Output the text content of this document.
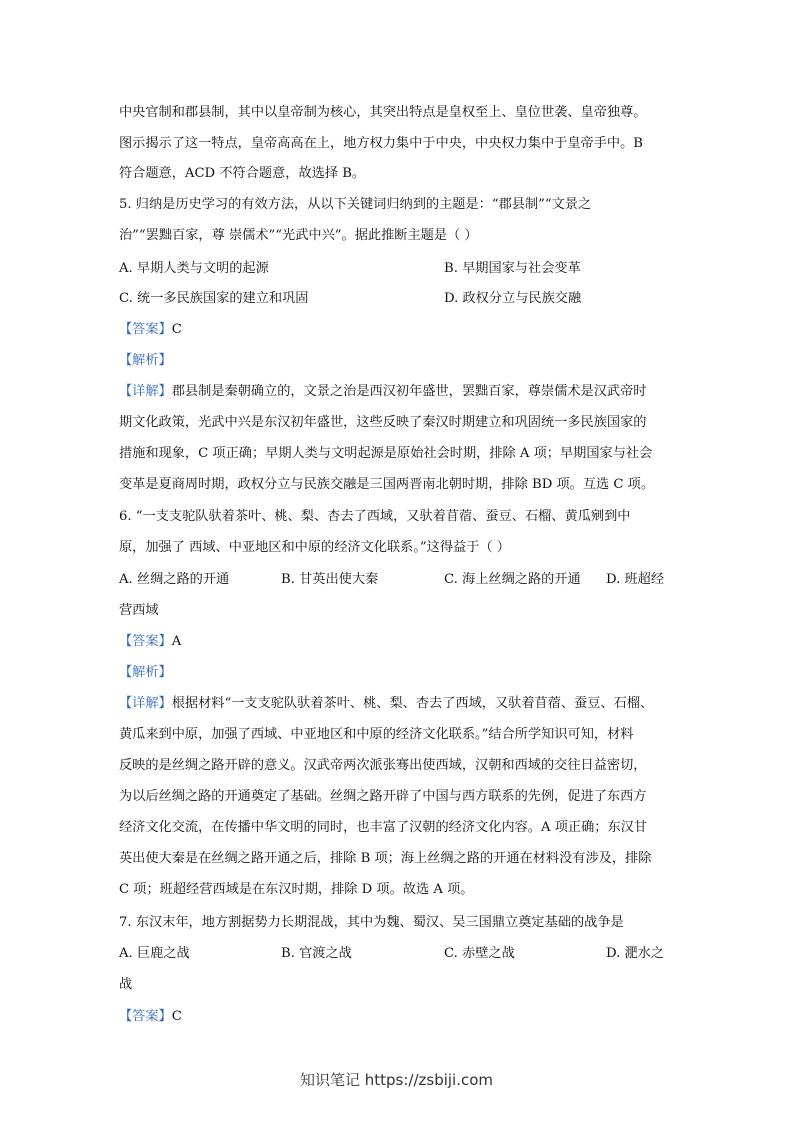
中央官制和郡县制，其中以皇帝制为核心，其突出特点是皇权至上、皇位世袭、皇帝独尊。
图示揭示了这一特点，皇帝高高在上，地方权力集中于中央，中央权力集中于皇帝手中。B
符合题意，ACD 不符合题意，故选择 B。
5. 归纳是历史学习的有效方法，从以下关键词归纳到的主题是：“郡县制”“文景之
治”“罢黜百家，尊 崇儒术”“光武中兴”。据此推断主题是（ ）
A. 早期人类与文明的起源	B. 早期国家与社会变革
C. 统一多民族国家的建立和巩固	D. 政权分立与民族交融
【答案】C
【解析】
【详解】郡县制是秦朝确立的，文景之治是西汉初年盛世，罢黜百家，尊崇儒术是汉武帝时
期文化政策，光武中兴是东汉初年盛世，这些反映了秦汉时期建立和巩固统一多民族国家的
措施和现象，C 项正确；早期人类与文明起源是原始社会时期，排除 A 项；早期国家与社会
变革是夏商周时期，政权分立与民族交融是三国两晋南北朝时期，排除 BD 项。互选 C 项。
6. “一支支驼队驮着茶叶、桃、梨、杏去了西域，又驮着苜蓿、蚕豆、石榴、黄瓜剜到中
原，加强了 西域、中亚地区和中原的经济文化联系。”这得益于（ ）
A. 丝绸之路的开通	B. 甘英出使大秦	C. 海上丝绸之路的开通 D. 班超经
营西域
【答案】A
【解析】
【详解】根据材料“一支支驼队驮着茶叶、桃、梨、杏去了西域，又驮着苜蓿、蚕豆、石榴、
黄瓜来到中原，加强了西域、中亚地区和中原的经济文化联系。”结合所学知识可知，材料
反映的是丝绸之路开辟的意义。汉武帝两次派张骞出使西域，汉朝和西域的交往日益密切，
为以后丝绸之路的开通奠定了基础。丝绸之路开辟了中国与西方联系的先例，促进了东西方
经济文化交流，在传播中华文明的同时，也丰富了汉朝的经济文化内容。A 项正确；东汉甘
英出使大秦是在丝绸之路开通之后，排除 B 项；海上丝绸之路的开通在材料没有涉及，排除
C 项；班超经营西域是在东汉时期，排除 D 项。故选 A 项。
7. 东汉末年，地方割据势力长期混战，其中为魏、蜀汉、吴三国鼎立奠定基础的战争是
A. 巨鹿之战	B. 官渡之战	C. 赤壁之战	D. 淝水之
战
【答案】C
知识笔记 https://zsbiji.com
